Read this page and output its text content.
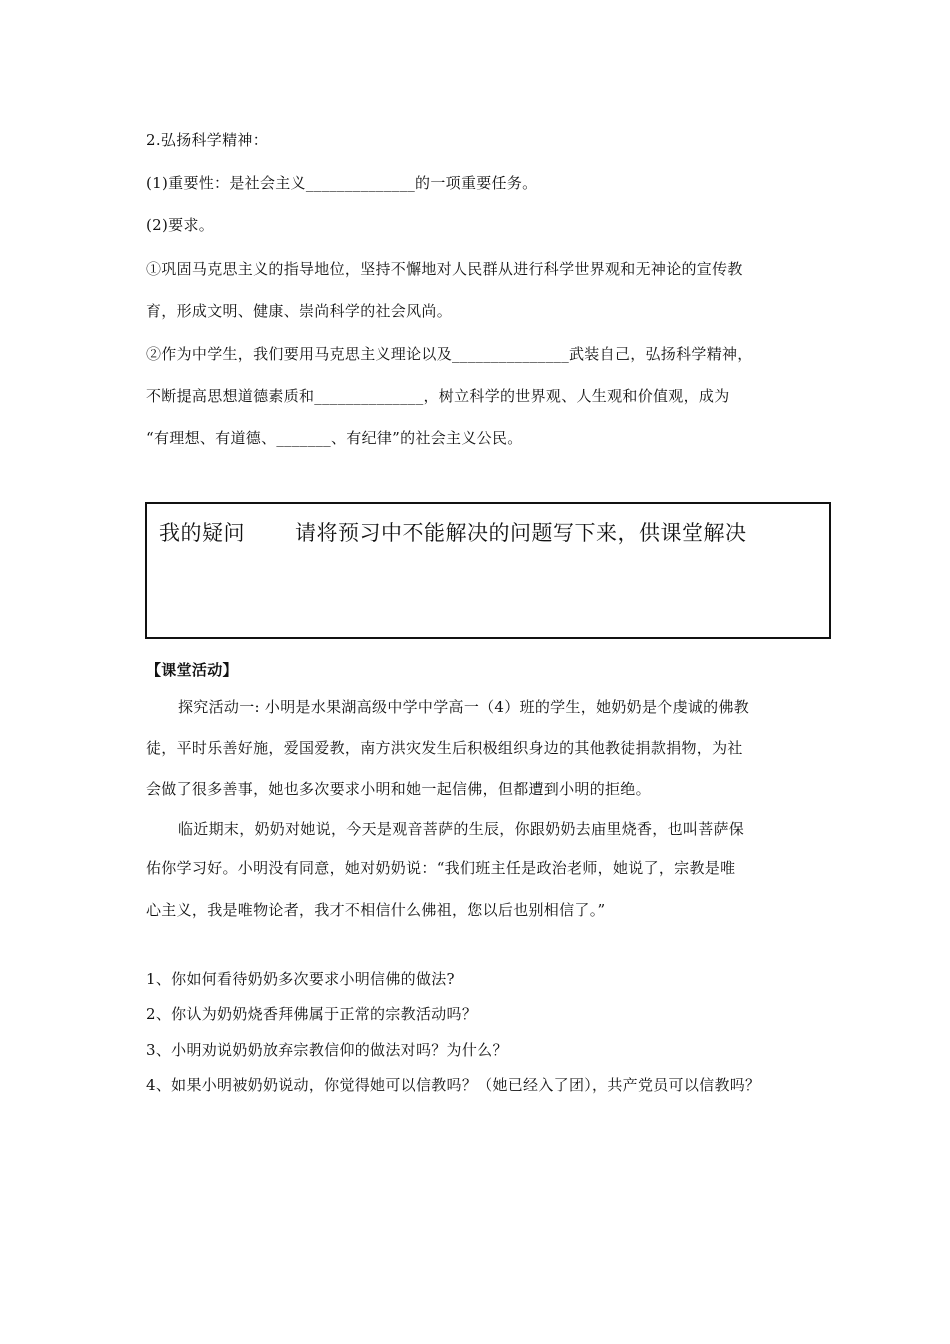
2.弘扬科学精神：
(1)重要性：是社会主义______________的一项重要任务。
(2)要求。
①巩固马克思主义的指导地位，坚持不懈地对人民群从进行科学世界观和无神论的宣传教
育，形成文明、健康、崇尚科学的社会风尚。
②作为中学生，我们要用马克思主义理论以及_______________武装自己，弘扬科学精神，
不断提高思想道德素质和______________，树立科学的世界观、人生观和价值观，成为
“有理想、有道德、_______、有纪律”的社会主义公民。
我的疑问 请将预习中不能解决的问题写下来，供课堂解决
【课堂活动】
探究活动一: 小明是水果湖高级中学中学高一（4）班的学生，她奶奶是个虔诚的佛教
徒，平时乐善好施，爱国爱教，南方洪灾发生后积极组织身边的其他教徒捐款捐物，为社
会做了很多善事，她也多次要求小明和她一起信佛，但都遭到小明的拒绝。
临近期末，奶奶对她说，今天是观音菩萨的生辰，你跟奶奶去庙里烧香，也叫菩萨保
佑你学习好。小明没有同意，她对奶奶说：“我们班主任是政治老师，她说了，宗教是唯
心主义，我是唯物论者，我才不相信什么佛祖，您以后也别相信了。”
1、你如何看待奶奶多次要求小明信佛的做法?
2、你认为奶奶烧香拜佛属于正常的宗教活动吗？
3、小明劝说奶奶放弃宗教信仰的做法对吗？为什么？
4、如果小明被奶奶说动，你觉得她可以信教吗？（她已经入了团），共产党员可以信教吗？
